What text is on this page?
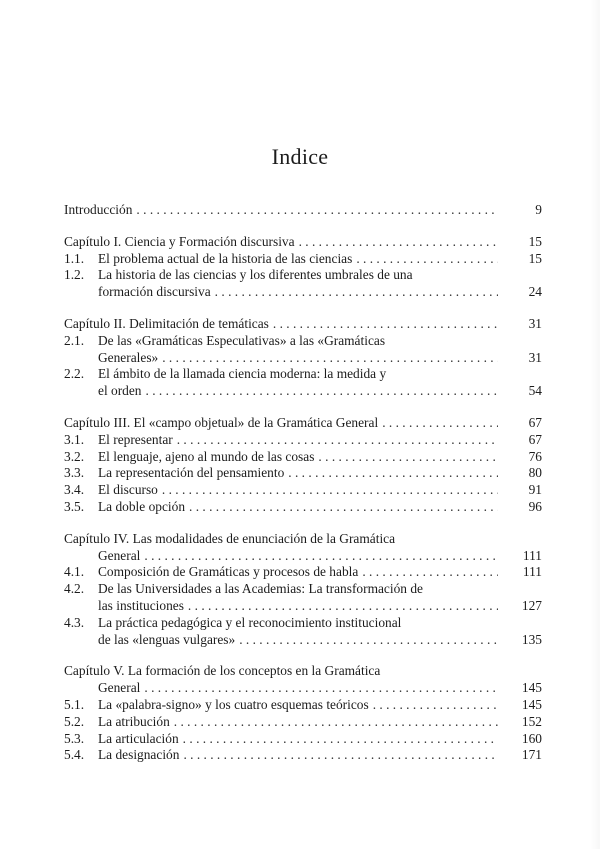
Indice
Introducción . . .	9
Capítulo I. Ciencia y Formación discursiva . . .	15
1.1.	El problema actual de la historia de las ciencias . . .	15
1.2.	La historia de las ciencias y los diferentes umbrales de una
formación discursiva . . .	24
Capítulo II. Delimitación de temáticas . . .	31
2.1.	De las «Gramáticas Especulativas» a las «Gramáticas
Generales» . . .	31
2.2.	El ámbito de la llamada ciencia moderna: la medida y
el orden . . .	54
Capítulo III. El «campo objetual» de la Gramática General . . .	67
3.1.	El representar . . .	67
3.2.	El lenguaje, ajeno al mundo de las cosas . . .	76
3.3.	La representación del pensamiento . . .	80
3.4.	El discurso . . .	91
3.5.	La doble opción . . .	96
Capítulo IV. Las modalidades de enunciación de la Gramática
General . . .	111
4.1.	Composición de Gramáticas y procesos de habla . . .	111
4.2.	De las Universidades a las Academias: La transformación de
las instituciones . . .	127
4.3.	La práctica pedagógica y el reconocimiento institucional
de las «lenguas vulgares» . . .	135
Capítulo V. La formación de los conceptos en la Gramática
General . . .	145
5.1.	La «palabra-signo» y los cuatro esquemas teóricos . . .	145
5.2.	La atribución . . .	152
5.3.	La articulación . . .	160
5.4.	La designación . . .	171
